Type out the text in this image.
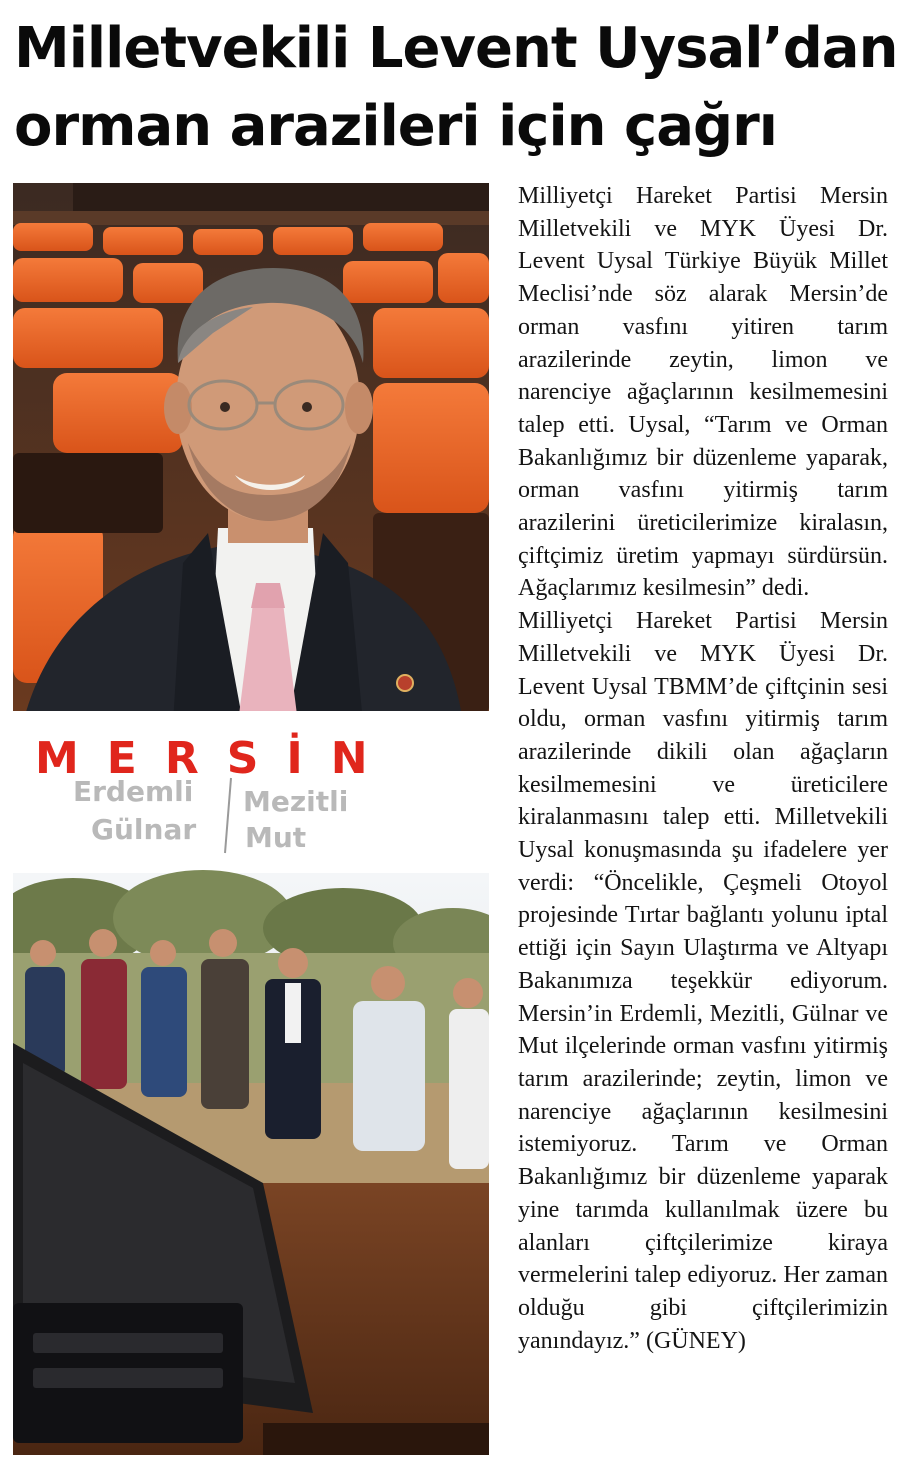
Milletvekili Levent Uysal’dan
orman arazileri için çağrı
MERSİN
Erdemli Mezitli
Gülnar Mut

Milliyetçi Hareket Partisi Mersin Milletvekili ve MYK Üyesi Dr. Levent Uysal Türkiye Büyük Millet Meclisi’nde söz alarak Mersin’de orman vasfını yitiren tarım arazilerinde zeytin, limon ve narenciye ağaçlarının kesilmemesini talep etti. Uysal, “Tarım ve Orman Bakanlığımız bir düzenleme yaparak, orman vasfını yitirmiş tarım arazilerini üreticilerimize kiralasın, çiftçimiz üretim yapmayı sürdürsün. Ağaçlarımız kesilmesin” dedi.

Milliyetçi Hareket Partisi Mersin Milletvekili ve MYK Üyesi Dr. Levent Uysal TBMM’de çiftçinin sesi oldu, orman vasfını yitirmiş tarım arazilerinde dikili olan ağaçların kesilmemesini ve üreticilere kiralanmasını talep etti. Milletvekili Uysal konuşmasında şu ifadelere yer verdi: “Öncelikle, Çeşmeli Otoyol projesinde Tırtar bağlantı yolunu iptal ettiği için Sayın Ulaştırma ve Altyapı Bakanımıza teşekkür ediyorum. Mersin’in Erdemli, Mezitli, Gülnar ve Mut ilçelerinde orman vasfını yitirmiş tarım arazilerinde; zeytin, limon ve narenciye ağaçlarının kesilmesini istemiyoruz. Tarım ve Orman Bakanlığımız bir düzenleme yaparak yine tarımda kullanılmak üzere bu alanları çiftçilerimize kiraya vermelerini talep ediyoruz. Her zaman olduğu gibi çiftçilerimizin yanındayız.” (GÜNEY)
